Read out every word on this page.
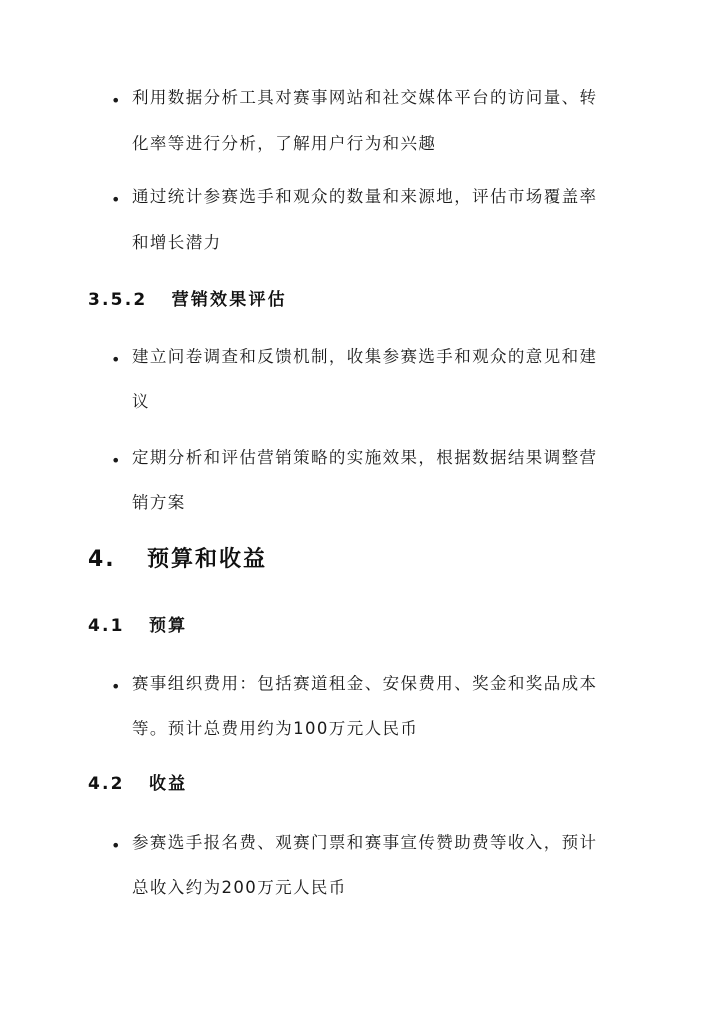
• 利用数据分析工具对赛事网站和社交媒体平台的访问量、转
化率等进行分析，了解用户行为和兴趣
• 通过统计参赛选手和观众的数量和来源地，评估市场覆盖率
和增长潜力
3.5.2 营销效果评估
• 建立问卷调查和反馈机制，收集参赛选手和观众的意见和建
议
• 定期分析和评估营销策略的实施效果，根据数据结果调整营
销方案
4. 预算和收益
4.1 预算
• 赛事组织费用：包括赛道租金、安保费用、奖金和奖品成本
等。预计总费用约为100万元人民币
4.2 收益
• 参赛选手报名费、观赛门票和赛事宣传赞助费等收入，预计
总收入约为200万元人民币
